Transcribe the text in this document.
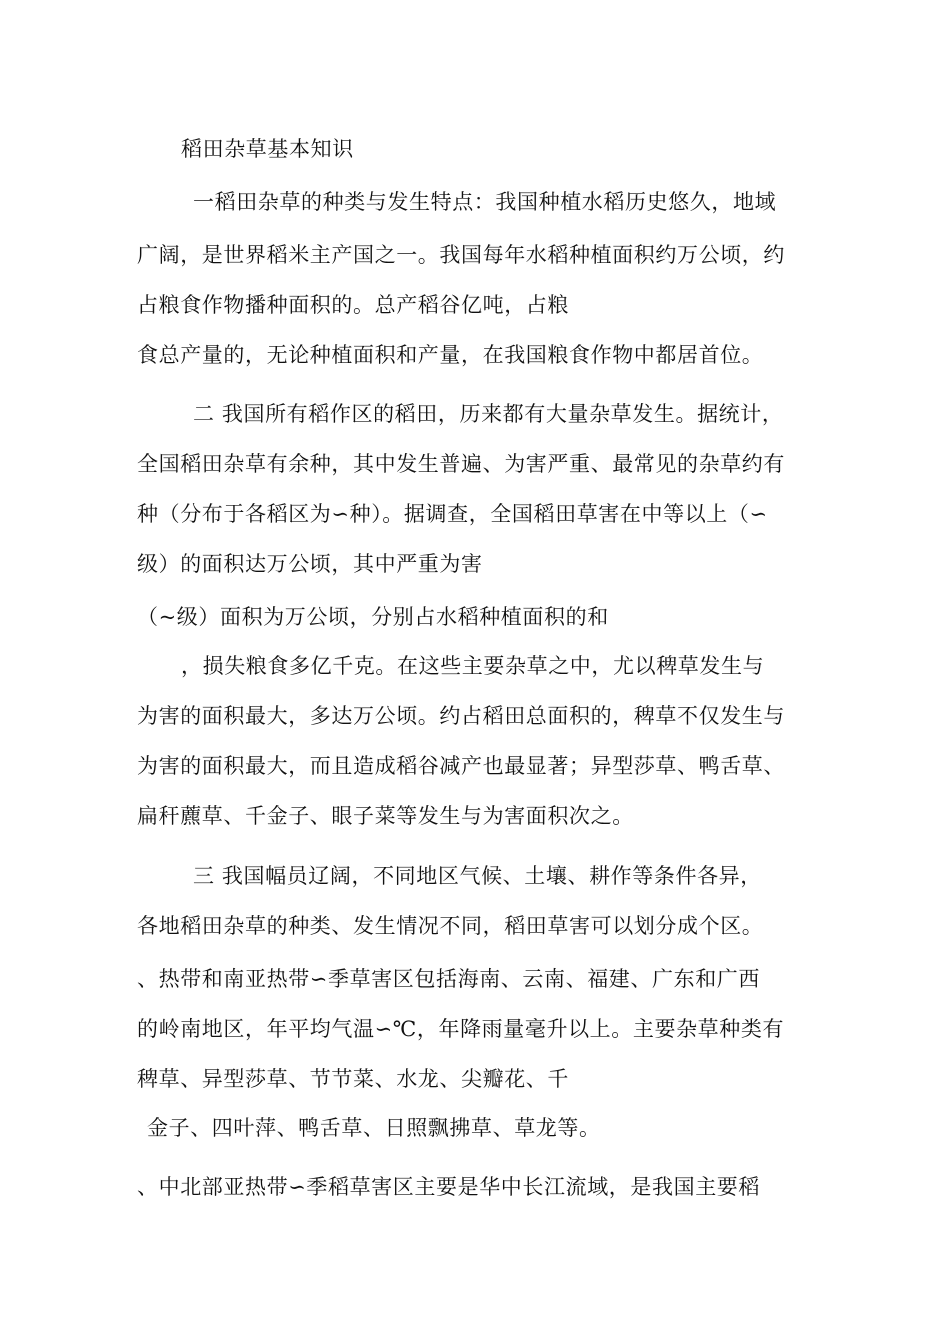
稻田杂草基本知识
一稻田杂草的种类与发生特点：我国种植水稻历史悠久，地域
广阔，是世界稻米主产国之一。我国每年水稻种植面积约万公顷，约
占粮食作物播种面积的。总产稻谷亿吨，占粮
食总产量的，无论种植面积和产量，在我国粮食作物中都居首位。
二 我国所有稻作区的稻田，历来都有大量杂草发生。据统计，
全国稻田杂草有余种，其中发生普遍、为害严重、最常见的杂草约有
种（分布于各稻区为∽种）。据调查，全国稻田草害在中等以上（∽
级）的面积达万公顷，其中严重为害
（~级）面积为万公顷，分别占水稻种植面积的和
，损失粮食多亿千克。在这些主要杂草之中，尤以稗草发生与
为害的面积最大，多达万公顷。约占稻田总面积的，稗草不仅发生与
为害的面积最大，而且造成稻谷减产也最显著；异型莎草、鸭舌草、
扁秆藨草、千金子、眼子菜等发生与为害面积次之。
三 我国幅员辽阔，不同地区气候、土壤、耕作等条件各异，
各地稻田杂草的种类、发生情况不同，稻田草害可以划分成个区。
、热带和南亚热带∽季草害区包括海南、云南、福建、广东和广西
的岭南地区，年平均气温∽℃，年降雨量毫升以上。主要杂草种类有
稗草、异型莎草、节节菜、水龙、尖瓣花、千
金子、四叶萍、鸭舌草、日照飘拂草、草龙等。
、中北部亚热带∽季稻草害区主要是华中长江流域，是我国主要稻
